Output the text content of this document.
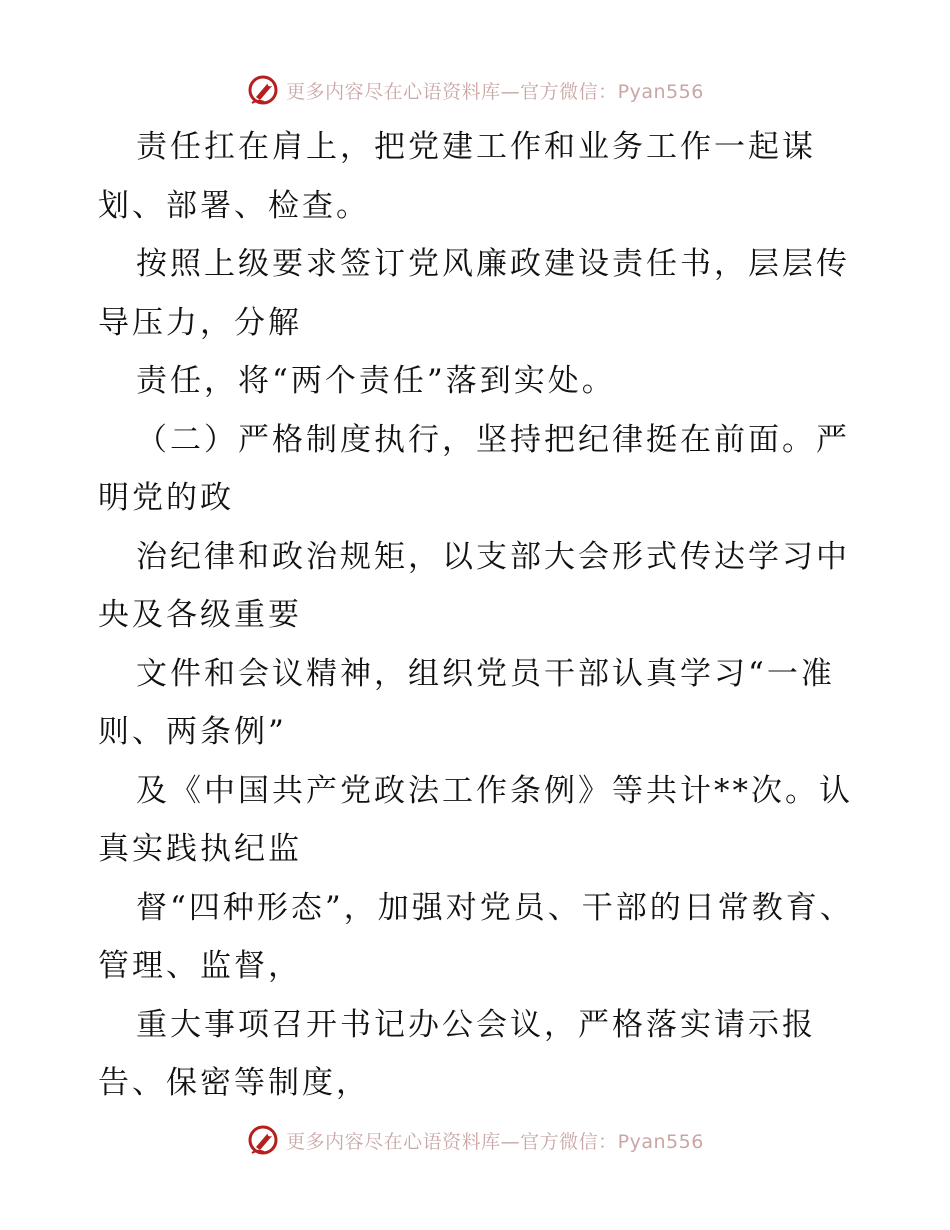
更多内容尽在心语资料库—官方微信：Pyan556

责任扛在肩上，把党建工作和业务工作一起谋划、部署、检查。

按照上级要求签订党风廉政建设责任书，层层传导压力，分解

责任，将“两个责任”落到实处。

（二）严格制度执行，坚持把纪律挺在前面。严明党的政

治纪律和政治规矩，以支部大会形式传达学习中央及各级重要

文件和会议精神，组织党员干部认真学习“一准则、两条例”

及《中国共产党政法工作条例》等共计**次。认真实践执纪监

督“四种形态”，加强对党员、干部的日常教育、管理、监督，

重大事项召开书记办公会议，严格落实请示报告、保密等制度，

更多内容尽在心语资料库—官方微信：Pyan556
